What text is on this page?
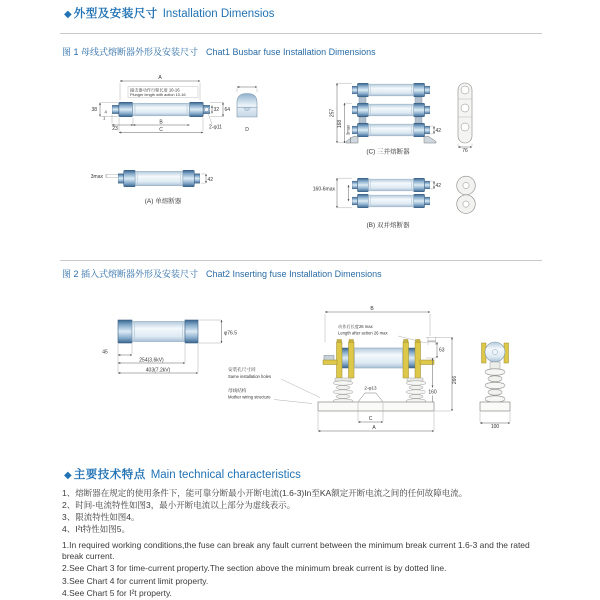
◆ 外型及安装尺寸 Installation Dimensios
图 1 母线式熔断器外形及安装尺寸 Chat1 Busbar fuse Installation Dimensions
A
撞击器动作行程长度 10-16
Plunger length with action 10-16
38 4
1
23
B
C
32 64
2-φ11	D
3max	42
(A) 单熔断器
257
168
3max	42
76
(C) 三并熔断器
160-6max
42
(B) 双并熔断器
图 2 插入式熔断器外形及安装尺寸 Chat2 Inserting fuse Installation Dimensions
φ76.5
45
254(3.6kV)
403(7.2kV)
B
动作后长度26 max
Length after action 26 max
2-φ13
63
160
266
安装孔尺寸同
Same installation holes
母线结构
Mother wiring structure
C
A	100
◆ 主要技术特点 Main technical characteristics
1、熔断器在规定的使用条件下，能可靠分断最小开断电流(1.6-3)In至KA额定开断电流之间的任何故障电流。
2、时间-电流特性如图3，最小开断电流以上部分为虚线表示。
3、限流特性如图4。
4、I²t特性如图5。
1.In required working conditions,the fuse can break any fault current between the minimum break current 1.6-3 and the rated break current.
2.See Chart 3 for time-current property.The section above the minimum break current is by dotted line.
3.See Chart 4 for current limit property.
4.See Chart 5 for I²t property.
